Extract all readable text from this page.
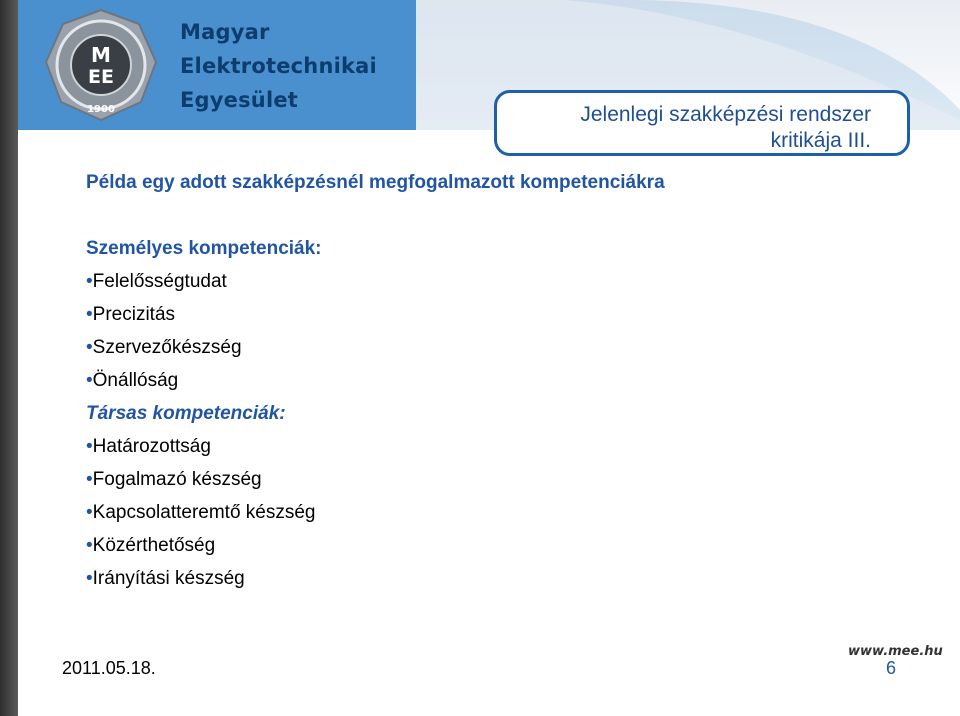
M
EE
1900
Magyar
Elektrotechnikai
Egyesület
Jelenlegi szakképzési rendszer
kritikája III.
Példa egy adott szakképzésnél megfogalmazott kompetenciákra
Személyes kompetenciák:
•Felelősségtudat
•Precizitás
•Szervezőkészség
•Önállóság
Társas kompetenciák:
•Határozottság
•Fogalmazó készség
•Kapcsolatteremtő készség
•Közérthetőség
•Irányítási készség
www.mee.hu
2011.05.18.	6
